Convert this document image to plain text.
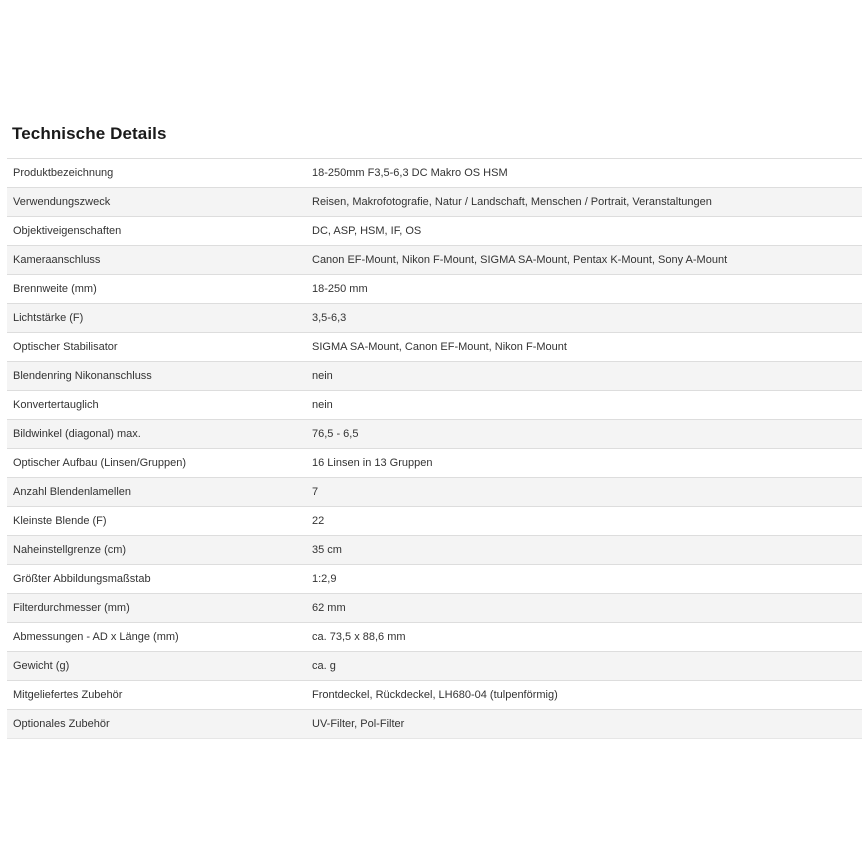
Technische Details
Produktbezeichnung	18-250mm F3,5-6,3 DC Makro OS HSM
Verwendungszweck	Reisen, Makrofotografie, Natur / Landschaft, Menschen / Portrait, Veranstaltungen
Objektiveigenschaften	DC, ASP, HSM, IF, OS
Kameraanschluss	Canon EF-Mount, Nikon F-Mount, SIGMA SA-Mount, Pentax K-Mount, Sony A-Mount
Brennweite (mm)	18-250 mm
Lichtstärke (F)	3,5-6,3
Optischer Stabilisator	SIGMA SA-Mount, Canon EF-Mount, Nikon F-Mount
Blendenring Nikonanschluss	nein
Konvertertauglich	nein
Bildwinkel (diagonal) max.	76,5 - 6,5
Optischer Aufbau (Linsen/Gruppen)	16 Linsen in 13 Gruppen
Anzahl Blendenlamellen	7
Kleinste Blende (F)	22
Naheinstellgrenze (cm)	35 cm
Größter Abbildungsmaßstab	1:2,9
Filterdurchmesser (mm)	62 mm
Abmessungen - AD x Länge (mm)	ca. 73,5 x 88,6 mm
Gewicht (g)	ca. g
Mitgeliefertes Zubehör	Frontdeckel, Rückdeckel, LH680-04 (tulpenförmig)
Optionales Zubehör	UV-Filter, Pol-Filter
